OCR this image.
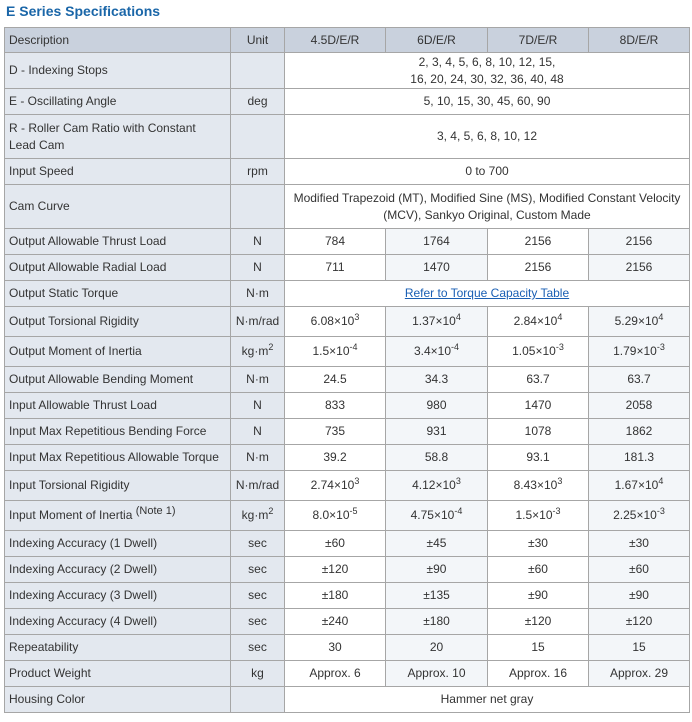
E Series Specifications
Description	Unit	4.5D/E/R	6D/E/R	7D/E/R	8D/E/R
D - Indexing Stops		2, 3, 4, 5, 6, 8, 10, 12, 15,
16, 20, 24, 30, 32, 36, 40, 48			
E - Oscillating Angle	deg	5, 10, 15, 30, 45, 60, 90			
R - Roller Cam Ratio with Constant
Lead Cam		3, 4, 5, 6, 8, 10, 12			
Input Speed	rpm	0 to 700			
Cam Curve		Modified Trapezoid (MT), Modified Sine (MS), Modified Constant Velocity
(MCV), Sankyo Original, Custom Made			
Output Allowable Thrust Load	N	784	1764	2156	2156
Output Allowable Radial Load	N	711	1470	2156	2156
Output Static Torque	N·m	Refer to Torque Capacity Table			
Output Torsional Rigidity	N·m/rad	$6.08\times 10^3$	$1.37\times 10^4$	$2.84\times 10^4$	$5.29\times 10^4$
Output Moment of Inertia	$kg\cdot m^2$	$1.5\times 10^{-4}$	$3.4\times 10^{-4}$	$1.05\times 10^{-3}$	$1.79\times 10^{-3}$
Output Allowable Bending Moment	N·m	24.5	34.3	63.7	63.7
Input Allowable Thrust Load	N	833	980	1470	2058
Input Max Repetitious Bending Force	N	735	931	1078	1862
Input Max Repetitious Allowable Torque	N·m	39.2	58.8	93.1	181.3
Input Torsional Rigidity	N·m/rad	$2.74\times 10^3$	$4.12\times 10^3$	$8.43\times 10^3$	$1.67\times 10^4$
Input Moment of Inertia $^{(Note 1)}$	$kg\cdot m^2$	$8.0\times 10^{-5}$	$4.75\times 10^{-4}$	$1.5\times 10^{-3}$	$2.25\times 10^{-3}$
Indexing Accuracy (1 Dwell)	sec	±60	±45	±30	±30
Indexing Accuracy (2 Dwell)	sec	±120	±90	±60	±60
Indexing Accuracy (3 Dwell)	sec	±180	±135	±90	±90
Indexing Accuracy (4 Dwell)	sec	±240	±180	±120	±120
Repeatability	sec	30	20	15	15
Product Weight	kg	Approx. 6	Approx. 10	Approx. 16	Approx. 29
Housing Color		Hammer net gray			
